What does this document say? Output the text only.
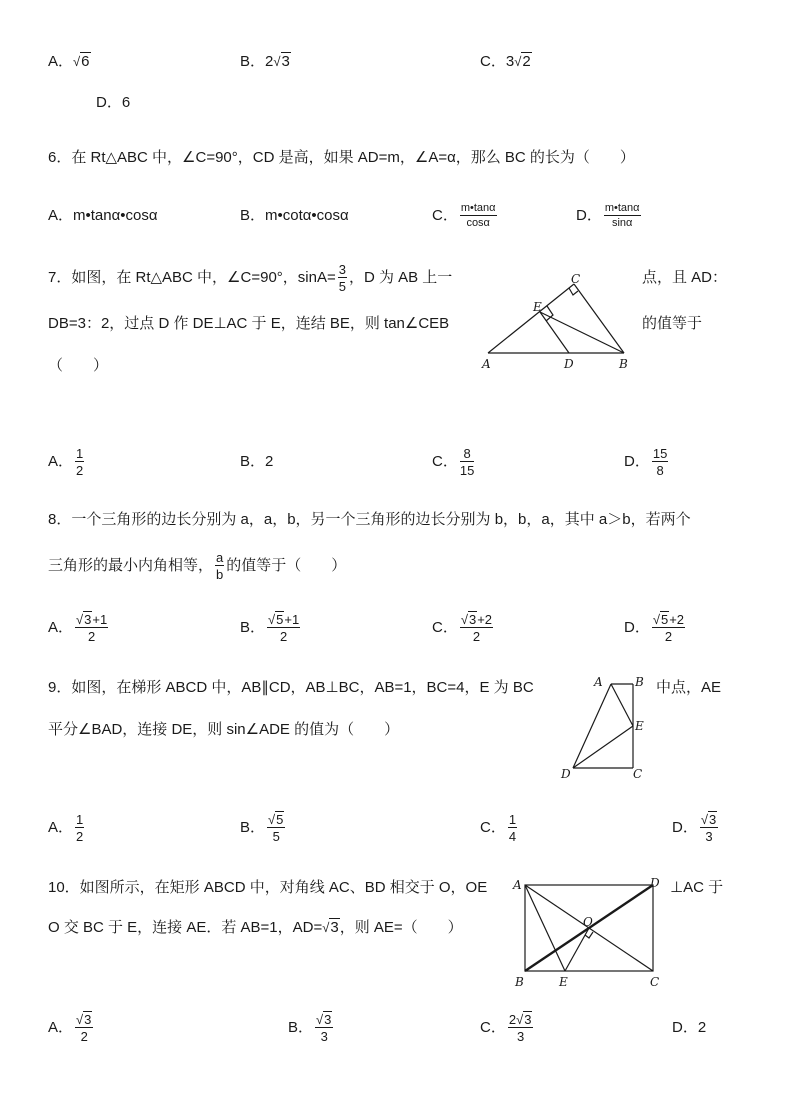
A．√6	B．2√3	C．3√2
D．6
6．在 Rt△ABC 中，∠C=90°，CD 是高，如果 AD=m，∠A=α，那么 BC 的长为（　　）
A．m•tanα•cosα	B．m•cotα•cosα	C． $\frac{m•\tan\alpha}{\cos\alpha}$	D． $\frac{m•\tan\alpha}{\sin\alpha}$
7．如图，在 Rt△ABC 中，∠C=90°，$\sin A= \frac{3}{5}$ ，D 为 AB 上一	点，且 AD：
DB=3：2，过点 D 作 DE⊥AC 于 E，连结 BE，则 tan∠CEB	的值等于
（　　）	A	B
C
D
E
A． $\frac{1}{2}$	B．2	C． $\frac{8}{15}$	D． $\frac{15}{8}$
8．一个三角形的边长分别为 a，a，b，另一个三角形的边长分别为 b，b，a，其中 a＞b，若两个
三角形的最小内角相等， $\frac{a}{b}$ 的值等于（　　）
A． $\frac{√3+1}{2}$	B． $\frac{√5+1}{2}$	C． $\frac{√3+2}{2}$	D． $\frac{√5+2}{2}$
9．如图，在梯形 ABCD 中，AB∥CD，AB⊥BC，AB=1，BC=4，E 为 BC	中点，AE
平分∠BAD，连接 DE，则 sin∠ADE 的值为（　　）
A	B
C
D
E
A． $\frac{1}{2}$	B． $\frac{√5}{5}$	C． $\frac{1}{4}$	D． $\frac{√3}{3}$
10．如图所示，在矩形 ABCD 中，对角线 AC、BD 相交于 O，OE	⊥AC 于
O 交 BC 于 E，连接 AE．若 AB=1，AD=√3，则 AE=（　　）
A	D
B	E	C
O
A． $\frac{√3}{2}$	B． $\frac{√3}{3}$	C． $\frac{2√3}{3}$	D．2
